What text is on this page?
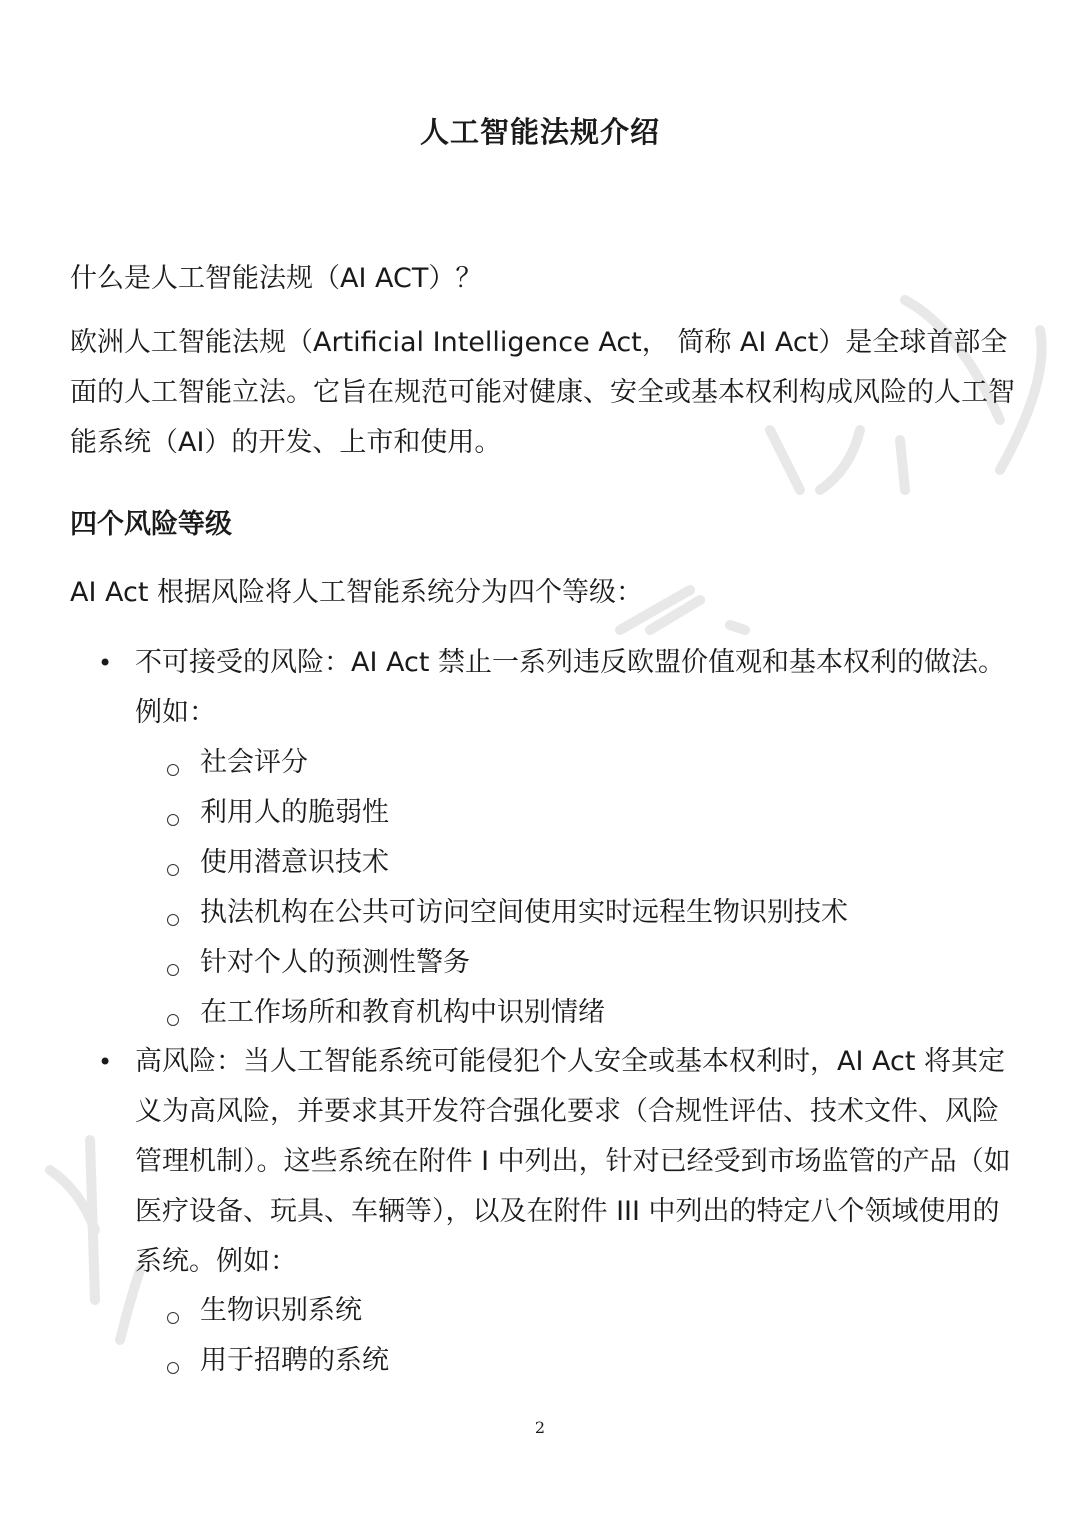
人工智能法规介绍
什么是人工智能法规（AI ACT）？
欧洲人工智能法规（Artificial Intelligence Act， 简称 AI Act）是全球首部全面的人工智能立法。它旨在规范可能对健康、安全或基本权利构成风险的人工智能系统（AI）的开发、上市和使用。
四个风险等级
AI Act 根据风险将人工智能系统分为四个等级：
• 不可接受的风险：AI Act 禁止一系列违反欧盟价值观和基本权利的做法。例如：
社会评分
利用人的脆弱性
使用潜意识技术
执法机构在公共可访问空间使用实时远程生物识别技术
针对个人的预测性警务
在工作场所和教育机构中识别情绪
• 高风险：当人工智能系统可能侵犯个人安全或基本权利时，AI Act 将其定义为高风险，并要求其开发符合强化要求（合规性评估、技术文件、风险管理机制）。这些系统在附件 I 中列出，针对已经受到市场监管的产品（如医疗设备、玩具、车辆等），以及在附件 III 中列出的特定八个领域使用的系统。例如：
生物识别系统
用于招聘的系统
2
